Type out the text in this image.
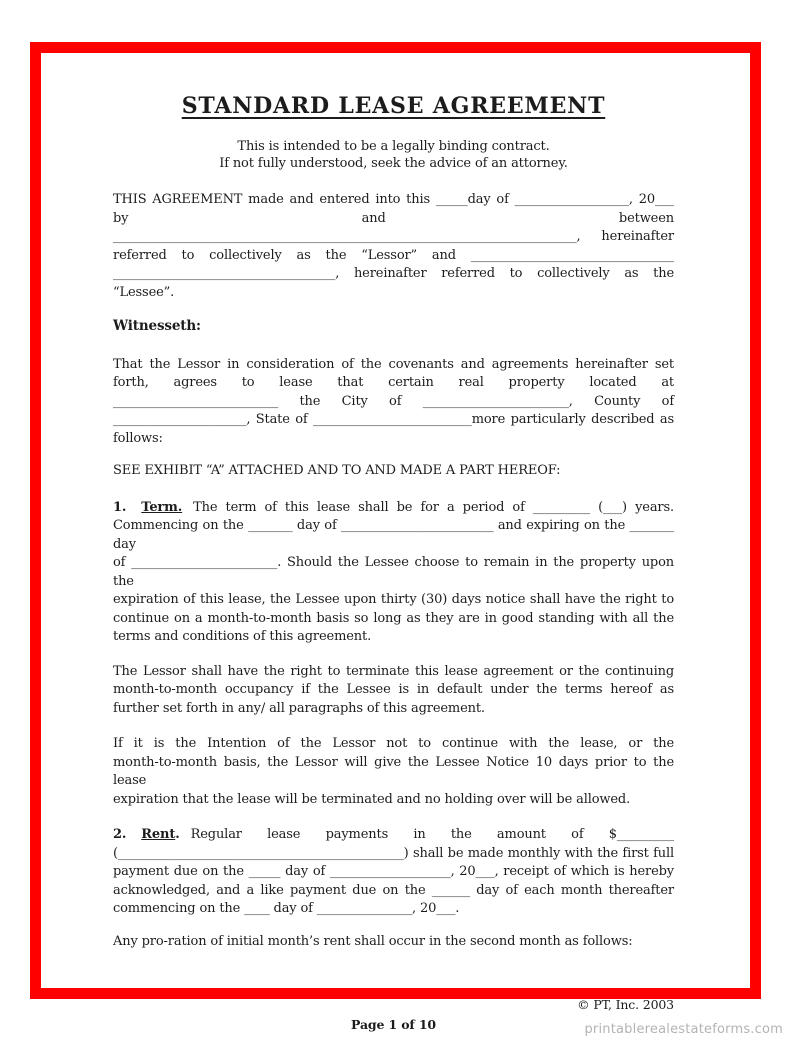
STANDARD LEASE AGREEMENT
This is intended to be a legally binding contract.
If not fully understood, seek the advice of an attorney.
THIS AGREEMENT made and entered into this _____day of __________________, 20___
by and between
_________________________________________________________________________, hereinafter
referred to collectively as the “Lessor” and ________________________________
___________________________________, hereinafter referred to collectively as the
“Lessee”.
Witnesseth:
That the Lessor in consideration of the covenants and agreements hereinafter set
forth, agrees to lease that certain real property located at
__________________________ the City of _______________________, County of
_____________________, State of _________________________more particularly described as
follows:
SEE EXHIBIT “A” ATTACHED AND TO AND MADE A PART HEREOF:
1. Term. The term of this lease shall be for a period of _________ (___) years.
Commencing on the _______ day of ________________________ and expiring on the _______ day
of _______________________. Should the Lessee choose to remain in the property upon the
expiration of this lease, the Lessee upon thirty (30) days notice shall have the right to
continue on a month-to-month basis so long as they are in good standing with all the
terms and conditions of this agreement.
The Lessor shall have the right to terminate this lease agreement or the continuing
month-to-month occupancy if the Lessee is in default under the terms hereof as
further set forth in any/ all paragraphs of this agreement.
If it is the Intention of the Lessor not to continue with the lease, or the
month-to-month basis, the Lessor will give the Lessee Notice 10 days prior to the lease
expiration that the lease will be terminated and no holding over will be allowed.
2. Rent. Regular lease payments in the amount of $_________
(_____________________________________________) shall be made monthly with the first full
payment due on the _____ day of ___________________, 20___, receipt of which is hereby
acknowledged, and a like payment due on the ______ day of each month thereafter
commencing on the ____ day of _______________, 20___.
Any pro-ration of initial month’s rent shall occur in the second month as follows:
© PT, Inc. 2003
Page 1 of 10	printablerealestateforms.com
